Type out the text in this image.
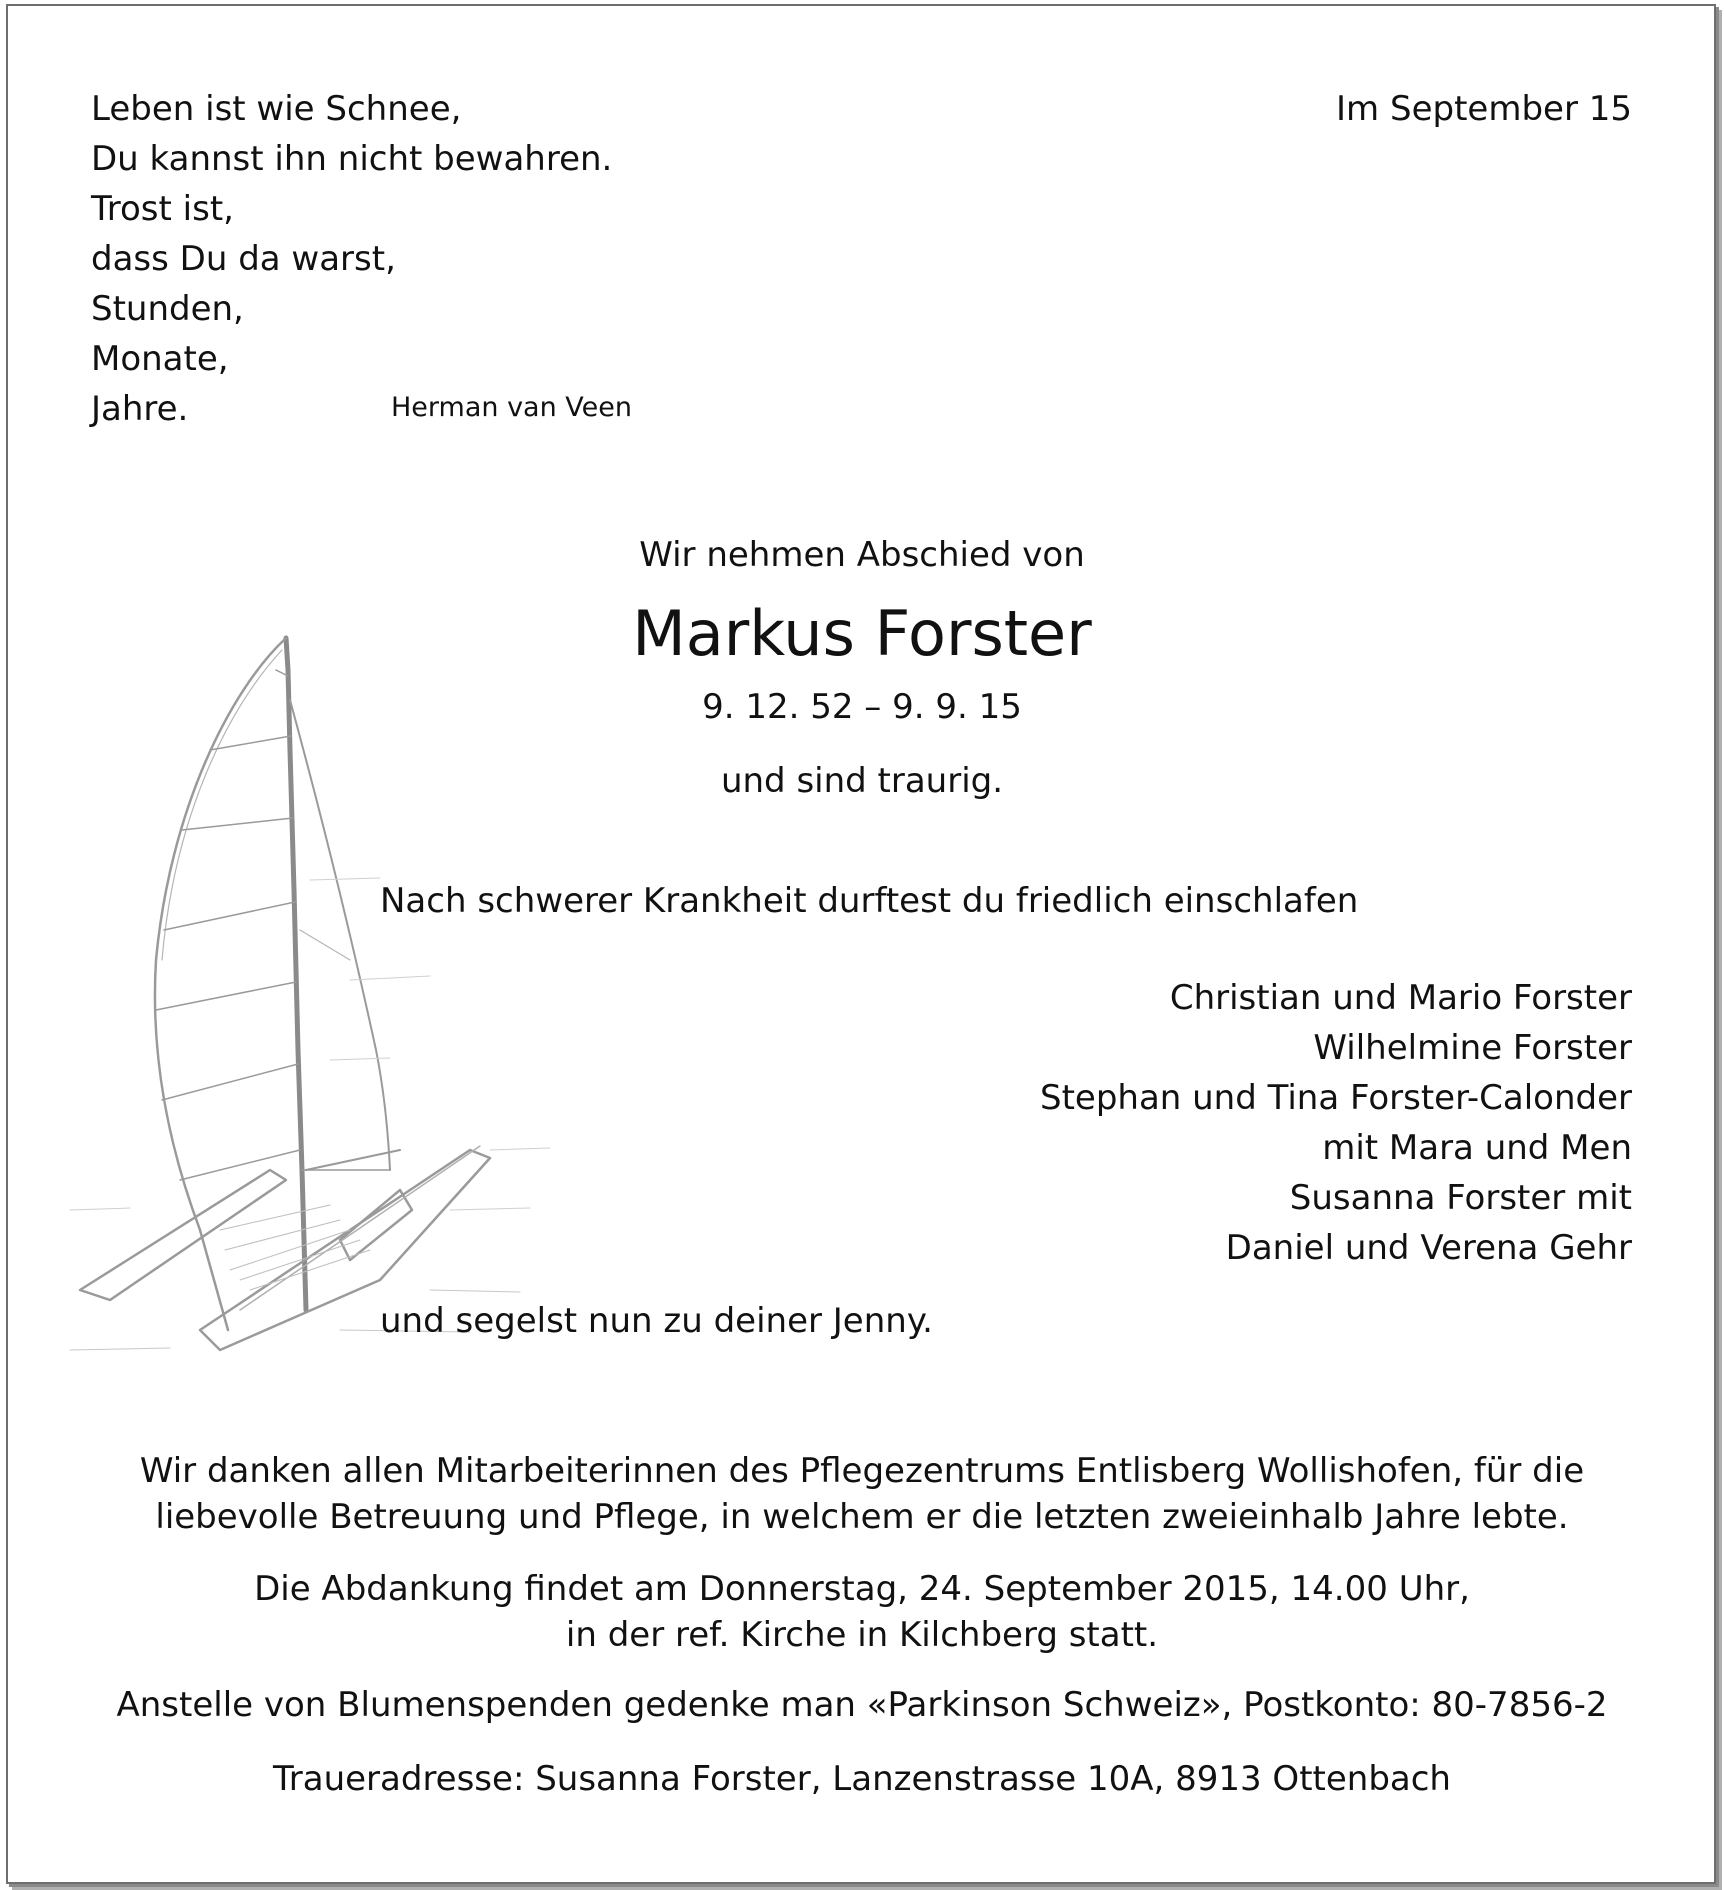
Leben ist wie Schnee,
Du kannst ihn nicht bewahren.
Trost ist,
dass Du da warst,
Stunden,
Monate,
Jahre.	Herman van Veen
Im September 15
Wir nehmen Abschied von
Markus Forster
9. 12. 52 – 9. 9. 15
und sind traurig.
Nach schwerer Krankheit durftest du friedlich einschlafen
Christian und Mario Forster
Wilhelmine Forster
Stephan und Tina Forster-Calonder
mit Mara und Men
Susanna Forster mit
Daniel und Verena Gehr
und segelst nun zu deiner Jenny.
Wir danken allen Mitarbeiterinnen des Pflegezentrums Entlisberg Wollishofen, für die
liebevolle Betreuung und Pflege, in welchem er die letzten zweieinhalb Jahre lebte.
Die Abdankung findet am Donnerstag, 24. September 2015, 14.00 Uhr,
in der ref. Kirche in Kilchberg statt.
Anstelle von Blumenspenden gedenke man «Parkinson Schweiz», Postkonto: 80-7856-2
Traueradresse: Susanna Forster, Lanzenstrasse 10A, 8913 Ottenbach
